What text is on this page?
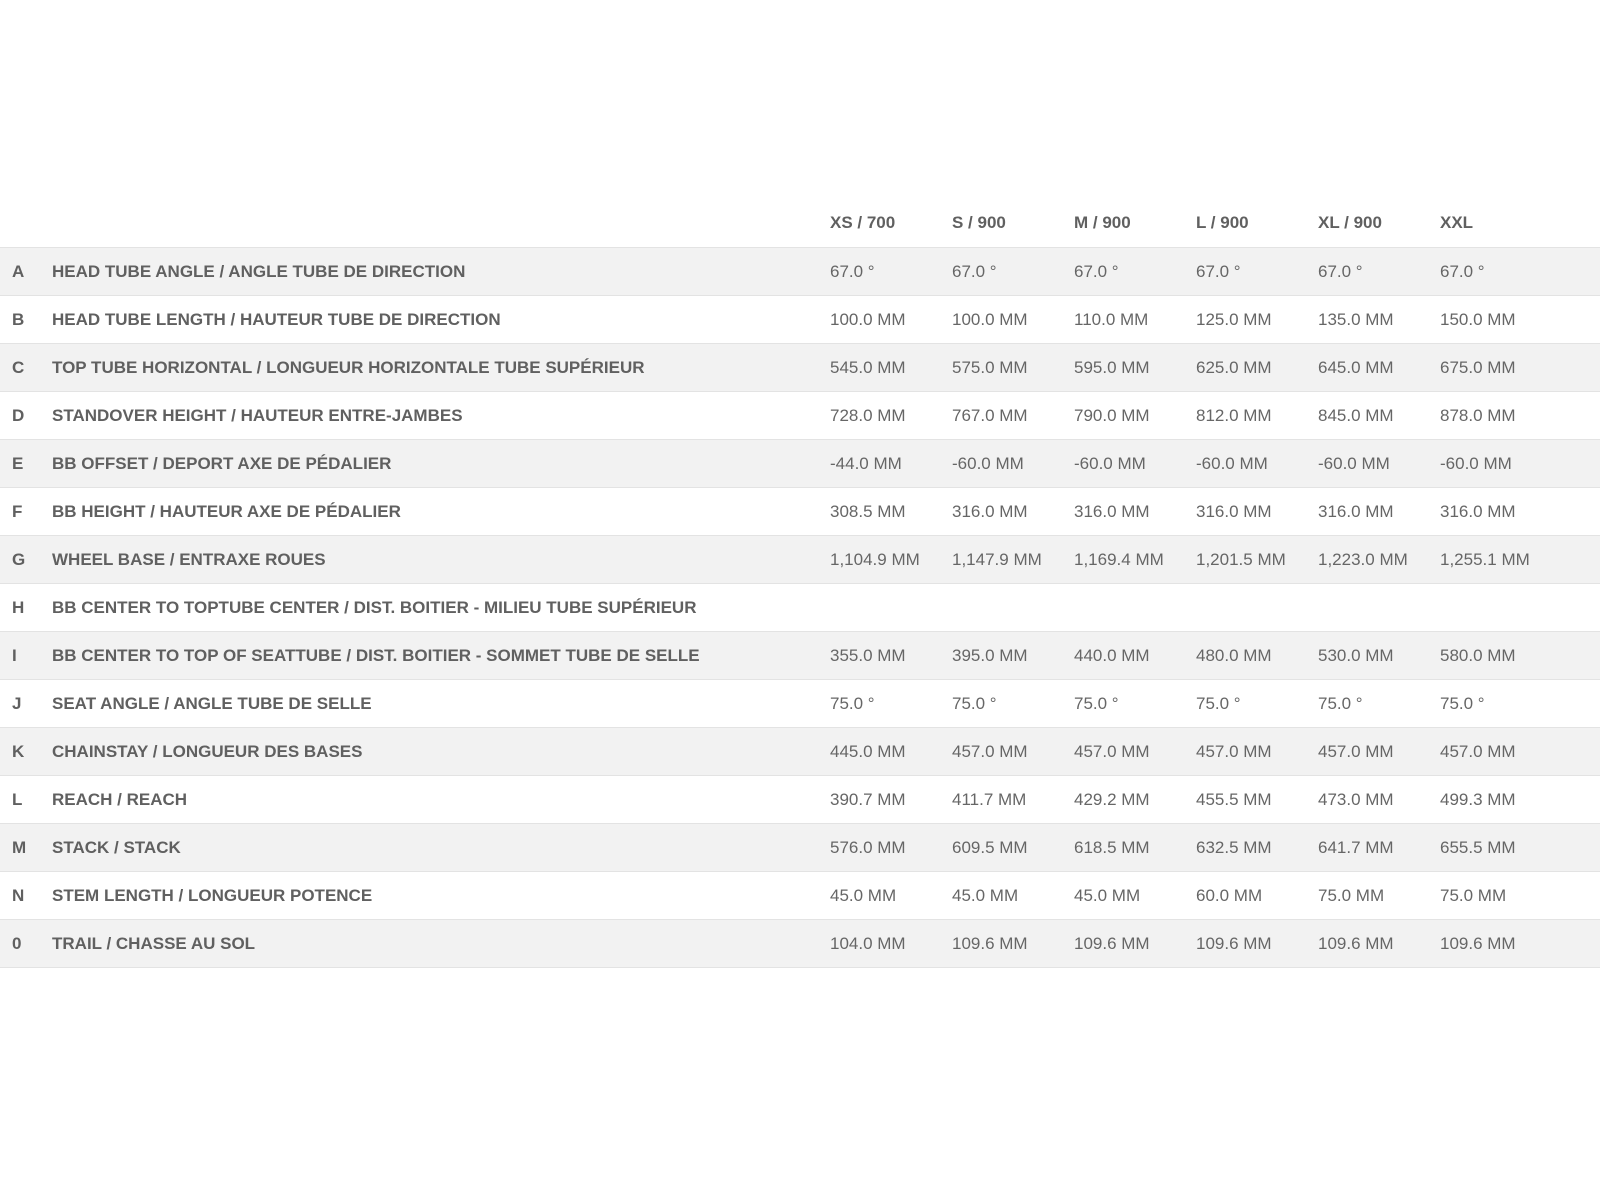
XS / 700	S / 900	M / 900	L / 900	XL / 900	XXL
A HEAD TUBE ANGLE / ANGLE TUBE DE DIRECTION	67.0 °	67.0 °	67.0 °	67.0 °	67.0 °	67.0 °
B HEAD TUBE LENGTH / HAUTEUR TUBE DE DIRECTION	100.0 MM	100.0 MM	110.0 MM	125.0 MM	135.0 MM	150.0 MM
C TOP TUBE HORIZONTAL / LONGUEUR HORIZONTALE TUBE SUPÉRIEUR	545.0 MM	575.0 MM	595.0 MM	625.0 MM	645.0 MM	675.0 MM
D STANDOVER HEIGHT / HAUTEUR ENTRE-JAMBES	728.0 MM	767.0 MM	790.0 MM	812.0 MM	845.0 MM	878.0 MM
E BB OFFSET / DEPORT AXE DE PÉDALIER	-44.0 MM	-60.0 MM	-60.0 MM	-60.0 MM	-60.0 MM	-60.0 MM
F BB HEIGHT / HAUTEUR AXE DE PÉDALIER	308.5 MM	316.0 MM	316.0 MM	316.0 MM	316.0 MM	316.0 MM
G WHEEL BASE / ENTRAXE ROUES	1,104.9 MM 1,147.9 MM 1,169.4 MM 1,201.5 MM 1,223.0 MM 1,255.1 MM
H BB CENTER TO TOPTUBE CENTER / DIST. BOITIER - MILIEU TUBE SUPÉRIEUR
I BB CENTER TO TOP OF SEATTUBE / DIST. BOITIER - SOMMET TUBE DE SELLE	355.0 MM	395.0 MM	440.0 MM	480.0 MM	530.0 MM	580.0 MM
J SEAT ANGLE / ANGLE TUBE DE SELLE	75.0 °	75.0 °	75.0 °	75.0 °	75.0 °	75.0 °
K CHAINSTAY / LONGUEUR DES BASES	445.0 MM	457.0 MM	457.0 MM	457.0 MM	457.0 MM	457.0 MM
L REACH / REACH	390.7 MM	411.7 MM	429.2 MM	455.5 MM	473.0 MM	499.3 MM
M STACK / STACK	576.0 MM	609.5 MM	618.5 MM	632.5 MM	641.7 MM	655.5 MM
N STEM LENGTH / LONGUEUR POTENCE	45.0 MM	45.0 MM	45.0 MM	60.0 MM	75.0 MM	75.0 MM
0 TRAIL / CHASSE AU SOL	104.0 MM	109.6 MM	109.6 MM	109.6 MM	109.6 MM	109.6 MM
